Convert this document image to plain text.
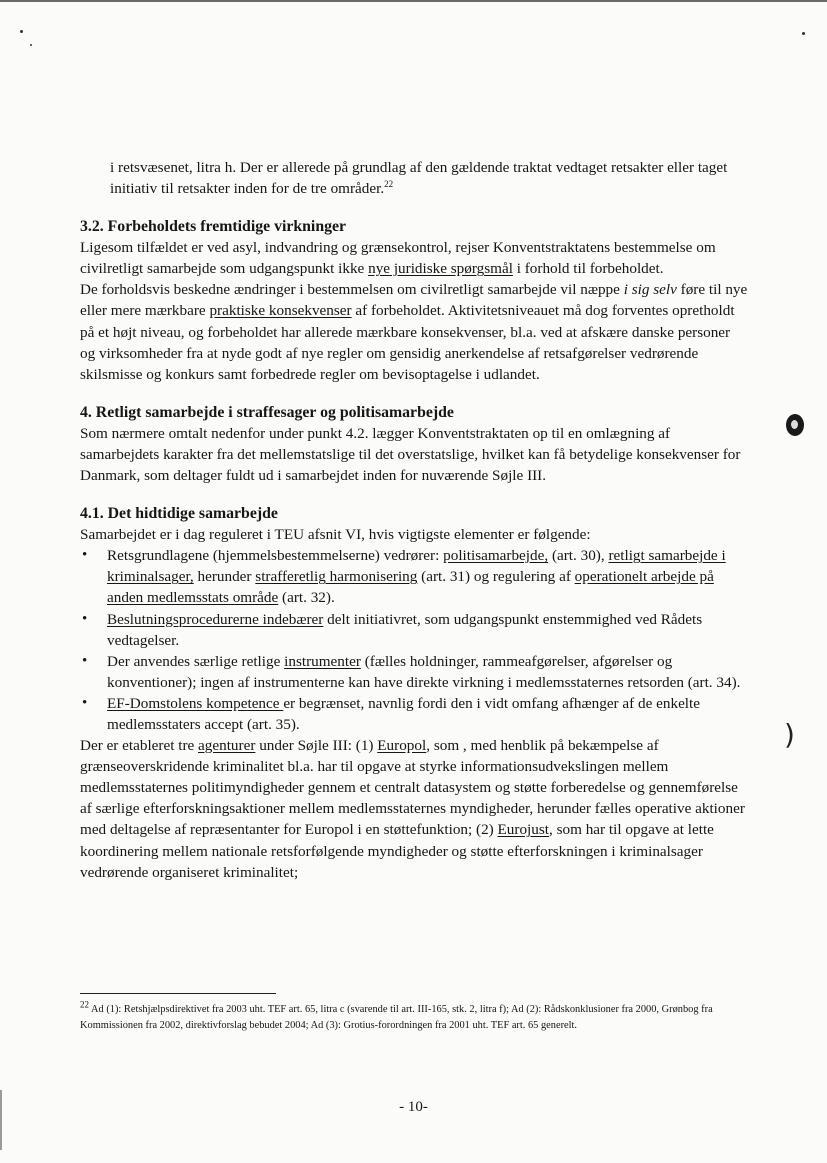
)

i retsvæsenet, litra h. Der er allerede på grundlag af den gældende traktat vedtaget retsakter eller taget initiativ til retsakter inden for de tre områder.$^{22}$

3.2. Forbeholdets fremtidige virkninger

Ligesom tilfældet er ved asyl, indvandring og grænsekontrol, rejser Konventstraktatens bestemmelse om civilretligt samarbejde som udgangspunkt ikke nye juridiske spørgsmål i forhold til forbeholdet.

De forholdsvis beskedne ændringer i bestemmelsen om civilretligt samarbejde vil næppe i sig selv føre til nye eller mere mærkbare praktiske konsekvenser af forbeholdet. Aktivitetsniveauet må dog forventes opretholdt på et højt niveau, og forbeholdet har allerede mærkbare konsekvenser, bl.a. ved at afskære danske personer og virksomheder fra at nyde godt af nye regler om gensidig anerkendelse af retsafgørelser vedrørende skilsmisse og konkurs samt forbedrede regler om bevisoptagelse i udlandet.

4. Retligt samarbejde i straffesager og politisamarbejde

Som nærmere omtalt nedenfor under punkt 4.2. lægger Konventstraktaten op til en omlægning af samarbejdets karakter fra det mellemstatslige til det overstatslige, hvilket kan få betydelige konsekvenser for Danmark, som deltager fuldt ud i samarbejdet inden for nuværende Søjle III.

4.1. Det hidtidige samarbejde

Samarbejdet er i dag reguleret i TEU afsnit VI, hvis vigtigste elementer er følgende:

• Retsgrundlagene (hjemmelsbestemmelserne) vedrører: politisamarbejde, (art. 30), retligt samarbejde i kriminalsager, herunder strafferetlig harmonisering (art. 31) og regulering af operationelt arbejde på anden medlemsstats område (art. 32).
• Beslutningsprocedurerne indebærer delt initiativret, som udgangspunkt enstemmighed ved Rådets vedtagelser.
• Der anvendes særlige retlige instrumenter (fælles holdninger, rammeafgørelser, afgørelser og konventioner); ingen af instrumenterne kan have direkte virkning i medlemsstaternes retsorden (art. 34).
• EF-Domstolens kompetence er begrænset, navnlig fordi den i vidt omfang afhænger af de enkelte medlemsstaters accept (art. 35).

Der er etableret tre agenturer under Søjle III: (1) Europol, som , med henblik på bekæmpelse af grænseoverskridende kriminalitet bl.a. har til opgave at styrke informationsudvekslingen mellem medlemsstaternes politimyndigheder gennem et centralt datasystem og støtte forberedelse og gennemførelse af særlige efterforskningsaktioner mellem medlemsstaternes myndigheder, herunder fælles operative aktioner med deltagelse af repræsentanter for Europol i en støttefunktion; (2) Eurojust, som har til opgave at lette koordinering mellem nationale retsforfølgende myndigheder og støtte efterforskningen i kriminalsager vedrørende organiseret kriminalitet;

$^{22}$ Ad (1): Retshjælpsdirektivet fra 2003 uht. TEF art. 65, litra c (svarende til art. III-165, stk. 2, litra f); Ad (2): Rådskonklusioner fra 2000, Grønbog fra Kommissionen fra 2002, direktivforslag bebudet 2004; Ad (3): Grotius-forordningen fra 2001 uht. TEF art. 65 generelt.
- 10-
